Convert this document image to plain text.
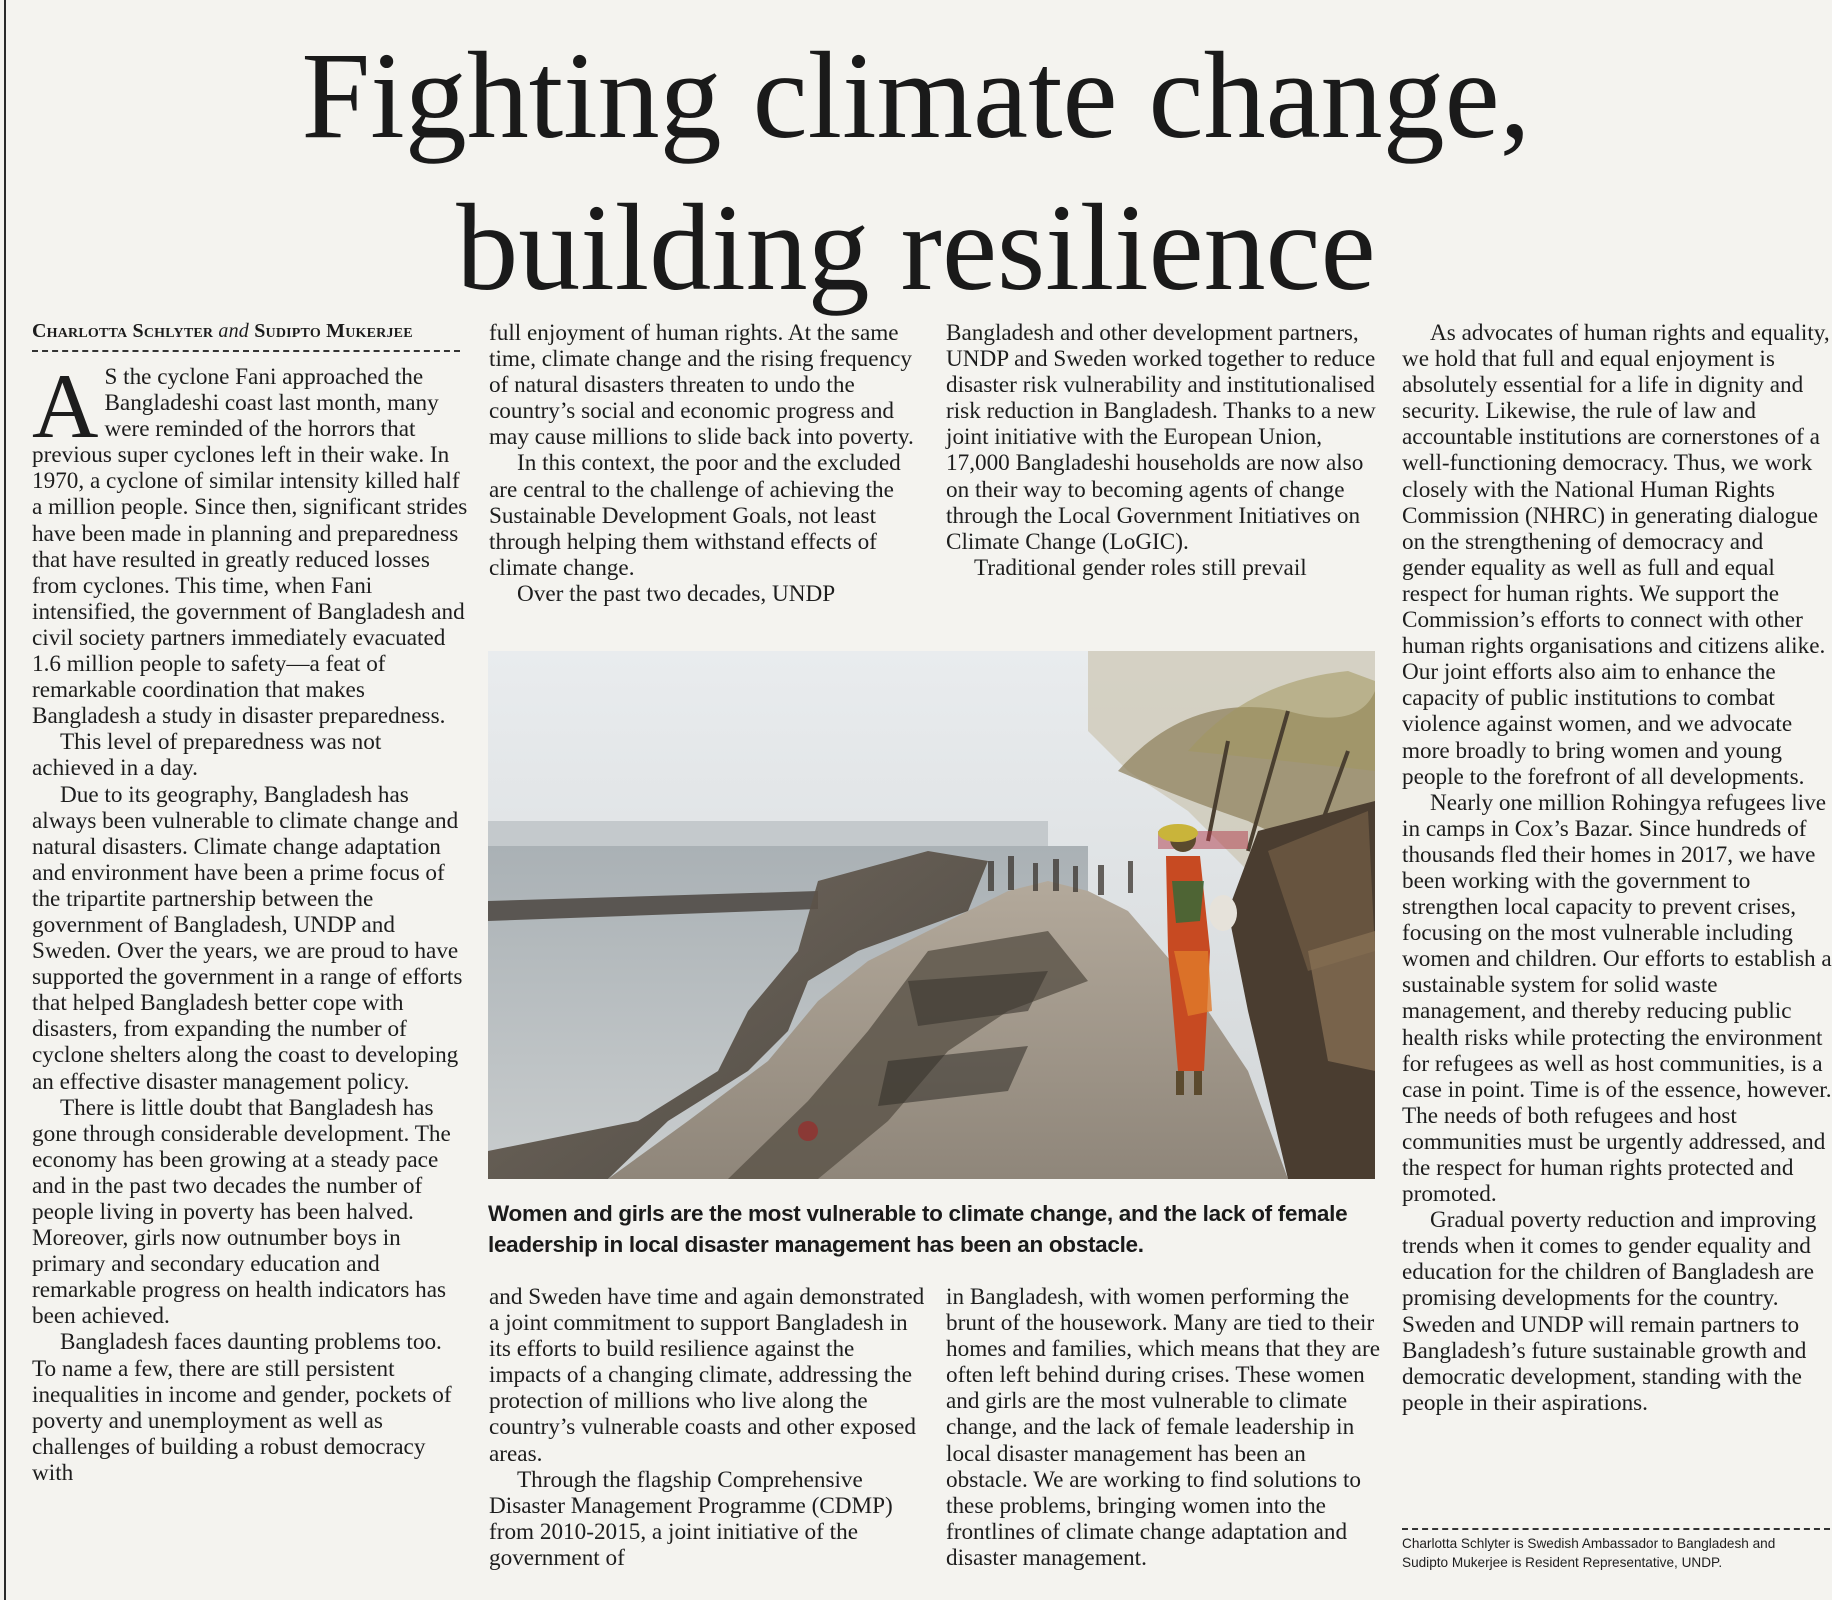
Fighting climate change,
building resilience
Charlotta Schlyter and Sudipto Mukerjee

A S the cyclone Fani approached the Bangladeshi coast last month, many were reminded of the horrors that previous super cyclones left in their wake. In 1970, a cyclone of similar intensity killed half a million people. Since then, significant strides have been made in planning and preparedness that have resulted in greatly reduced losses from cyclones. This time, when Fani intensified, the government of Bangladesh and civil society partners immediately evacuated 1.6 million people to safety—a feat of remarkable coordination that makes Bangladesh a study in disaster preparedness.

This level of preparedness was not achieved in a day.

Due to its geography, Bangladesh has always been vulnerable to climate change and natural disasters. Climate change adaptation and environment have been a prime focus of the tripartite partnership between the government of Bangladesh, UNDP and Sweden. Over the years, we are proud to have supported the government in a range of efforts that helped Bangladesh better cope with disasters, from expanding the number of cyclone shelters along the coast to developing an effective disaster management policy.

There is little doubt that Bangladesh has gone through considerable development. The economy has been growing at a steady pace and in the past two decades the number of people living in poverty has been halved. Moreover, girls now outnumber boys in primary and secondary education and remarkable progress on health indicators has been achieved.

Bangladesh faces daunting problems too. To name a few, there are still persistent inequalities in income and gender, pockets of poverty and unemployment as well as challenges of building a robust democracy with

full enjoyment of human rights. At the same time, climate change and the rising frequency of natural disasters threaten to undo the country’s social and economic progress and may cause millions to slide back into poverty.

In this context, the poor and the excluded are central to the challenge of achieving the Sustainable Development Goals, not least through helping them withstand effects of climate change.

Over the past two decades, UNDP

Bangladesh and other development partners, UNDP and Sweden worked together to reduce disaster risk vulnerability and institutionalised risk reduction in Bangladesh. Thanks to a new joint initiative with the European Union, 17,000 Bangladeshi households are now also on their way to becoming agents of change through the Local Government Initiatives on Climate Change (LoGIC).

Traditional gender roles still prevail

Women and girls are the most vulnerable to climate change, and the lack of female leadership in local disaster management has been an obstacle.

and Sweden have time and again demonstrated a joint commitment to support Bangladesh in its efforts to build resilience against the impacts of a changing climate, addressing the protection of millions who live along the country’s vulnerable coasts and other exposed areas.

Through the flagship Comprehensive Disaster Management Programme (CDMP) from 2010-2015, a joint initiative of the government of

in Bangladesh, with women performing the brunt of the housework. Many are tied to their homes and families, which means that they are often left behind during crises. These women and girls are the most vulnerable to climate change, and the lack of female leadership in local disaster management has been an obstacle. We are working to find solutions to these problems, bringing women into the frontlines of climate change adaptation and disaster management.

As advocates of human rights and equality, we hold that full and equal enjoyment is absolutely essential for a life in dignity and security. Likewise, the rule of law and accountable institutions are cornerstones of a well-functioning democracy. Thus, we work closely with the National Human Rights Commission (NHRC) in generating dialogue on the strengthening of democracy and gender equality as well as full and equal respect for human rights. We support the Commission’s efforts to connect with other human rights organisations and citizens alike. Our joint efforts also aim to enhance the capacity of public institutions to combat violence against women, and we advocate more broadly to bring women and young people to the forefront of all developments.

Nearly one million Rohingya refugees live in camps in Cox’s Bazar. Since hundreds of thousands fled their homes in 2017, we have been working with the government to strengthen local capacity to prevent crises, focusing on the most vulnerable including women and children. Our efforts to establish a sustainable system for solid waste management, and thereby reducing public health risks while protecting the environment for refugees as well as host communities, is a case in point. Time is of the essence, however. The needs of both refugees and host communities must be urgently addressed, and the respect for human rights protected and promoted.

Gradual poverty reduction and improving trends when it comes to gender equality and education for the children of Bangladesh are promising developments for the country. Sweden and UNDP will remain partners to Bangladesh’s future sustainable growth and democratic development, standing with the people in their aspirations.

Charlotta Schlyter is Swedish Ambassador to Bangladesh and Sudipto Mukerjee is Resident Representative, UNDP.
